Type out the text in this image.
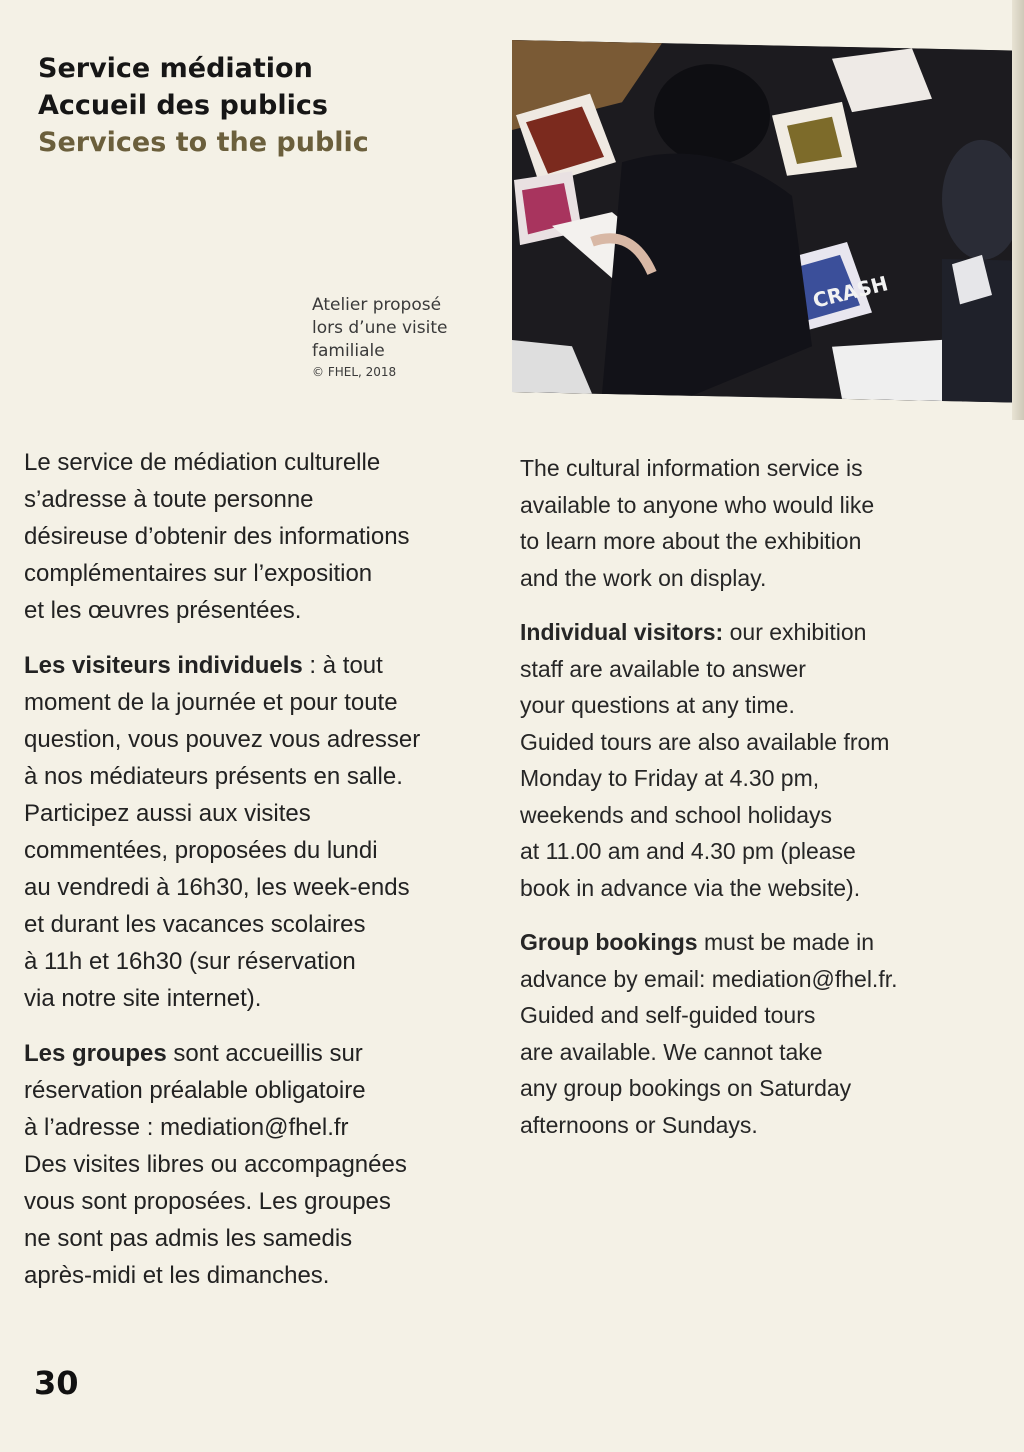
Service médiation
Accueil des publics
Services to the public
CRASH
Atelier proposé
lors d’une visite
familiale
© FHEL, 2018

Le service de médiation culturelle
s’adresse à toute personne
désireuse d’obtenir des informations
complémentaires sur l’exposition
et les œuvres présentées.

Les visiteurs individuels : à tout
moment de la journée et pour toute
question, vous pouvez vous adresser
à nos médiateurs présents en salle.
Participez aussi aux visites
commentées, proposées du lundi
au vendredi à 16h30, les week-ends
et durant les vacances scolaires
à 11h et 16h30 (sur réservation
via notre site internet).

Les groupes sont accueillis sur
réservation préalable obligatoire
à l’adresse : mediation@fhel.fr
Des visites libres ou accompagnées
vous sont proposées. Les groupes
ne sont pas admis les samedis
après-midi et les dimanches.

The cultural information service is
available to anyone who would like
to learn more about the exhibition
and the work on display.

Individual visitors: our exhibition
staff are available to answer
your questions at any time.
Guided tours are also available from
Monday to Friday at 4.30 pm,
weekends and school holidays
at 11.00 am and 4.30 pm (please
book in advance via the website).

Group bookings must be made in
advance by email: mediation@fhel.fr.
Guided and self-guided tours
are available. We cannot take
any group bookings on Saturday
afternoons or Sundays.

30
